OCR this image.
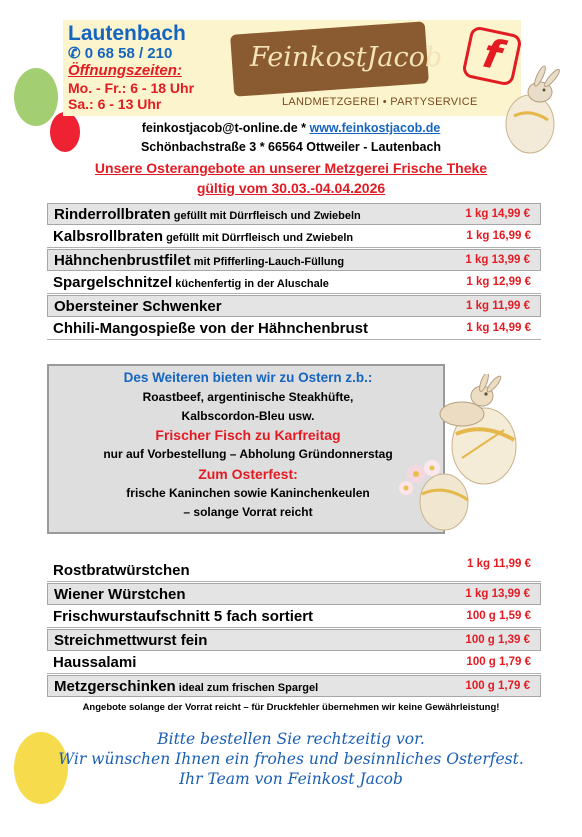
Lautenbach
✆ 0 68 58 / 210
Öffnungszeiten:
Mo. - Fr.: 6 - 18 Uhr
Sa.: 6 - 13 Uhr
FeinkostJacob
LANDMETZGEREI • PARTYSERVICE
f
feinkostjacob@t-online.de * www.feinkostjacob.de
Schönbachstraße 3 * 66564 Ottweiler - Lautenbach
Unsere Osterangebote an unserer Metzgerei Frische Theke
gültig vom 30.03.-04.04.2026
Rinderrollbraten gefüllt mit Dürrfleisch und Zwiebeln	1 kg 14,99 €
Kalbsrollbraten gefüllt mit Dürrfleisch und Zwiebeln	1 kg 16,99 €
Hähnchenbrustfilet mit Pfifferling-Lauch-Füllung	1 kg 13,99 €
Spargelschnitzel küchenfertig in der Aluschale	1 kg 12,99 €
Obersteiner Schwenker	1 kg 11,99 €
Chhili-Mangospieße von der Hähnchenbrust	1 kg 14,99 €
Des Weiteren bieten wir zu Ostern z.b.:
Roastbeef, argentinische Steakhüfte,
Kalbscordon-Bleu usw.
Frischer Fisch zu Karfreitag
nur auf Vorbestellung – Abholung Gründonnerstag
Zum Osterfest:
frische Kaninchen sowie Kaninchenkeulen
– solange Vorrat reicht
Rostbratwürstchen	1 kg 11,99 €
Wiener Würstchen	1 kg 13,99 €
Frischwurstaufschnitt 5 fach sortiert	100 g 1,59 €
Streichmettwurst fein	100 g 1,39 €
Haussalami	100 g 1,79 €
Metzgerschinken ideal zum frischen Spargel	100 g 1,79 €
Angebote solange der Vorrat reicht – für Druckfehler übernehmen wir keine Gewährleistung!
Bitte bestellen Sie rechtzeitig vor.
Wir wünschen Ihnen ein frohes und besinnliches Osterfest.
Ihr Team von Feinkost Jacob
